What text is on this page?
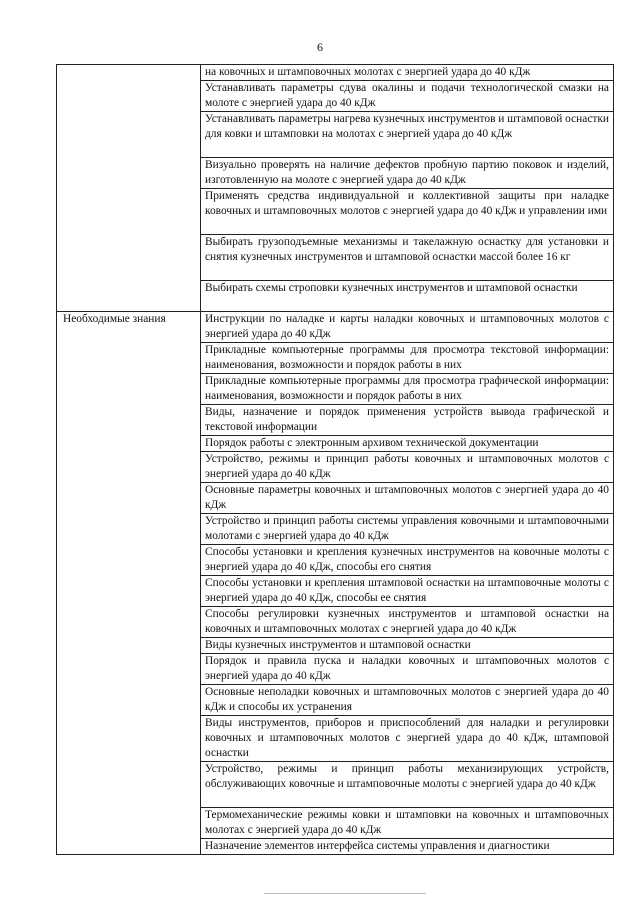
6
	на ковочных и штамповочных молотах с энергией удара до 40 кДж
	Устанавливать параметры сдува окалины и подачи технологической смазки на молоте с энергией удара до 40 кДж
	Устанавливать параметры нагрева кузнечных инструментов и штамповой оснастки для ковки и штамповки на молотах с энергией удара до 40 кДж
	Визуально проверять на наличие дефектов пробную партию поковок и изделий, изготовленную на молоте с энергией удара до 40 кДж
	Применять средства индивидуальной и коллективной защиты при наладке ковочных и штамповочных молотов с энергией удара до 40 кДж и управлении ими
	Выбирать грузоподъемные механизмы и такелажную оснастку для установки и снятия кузнечных инструментов и штамповой оснастки массой более 16 кг
	Выбирать схемы строповки кузнечных инструментов и штамповой оснастки
Необходимые знания	Инструкции по наладке и карты наладки ковочных и штамповочных молотов с энергией удара до 40 кДж
	Прикладные компьютерные программы для просмотра текстовой информации: наименования, возможности и порядок работы в них
	Прикладные компьютерные программы для просмотра графической информации: наименования, возможности и порядок работы в них
	Виды, назначение и порядок применения устройств вывода графической и текстовой информации
	Порядок работы с электронным архивом технической документации
	Устройство, режимы и принцип работы ковочных и штамповочных молотов с энергией удара до 40 кДж
	Основные параметры ковочных и штамповочных молотов с энергией удара до 40 кДж
	Устройство и принцип работы системы управления ковочными и штамповочными молотами с энергией удара до 40 кДж
	Способы установки и крепления кузнечных инструментов на ковочные молоты с энергией удара до 40 кДж, способы его снятия
	Способы установки и крепления штамповой оснастки на штамповочные молоты с энергией удара до 40 кДж, способы ее снятия
	Способы регулировки кузнечных инструментов и штамповой оснастки на ковочных и штамповочных молотах с энергией удара до 40 кДж
	Виды кузнечных инструментов и штамповой оснастки
	Порядок и правила пуска и наладки ковочных и штамповочных молотов с энергией удара до 40 кДж
	Основные неполадки ковочных и штамповочных молотов с энергией удара до 40 кДж и способы их устранения
	Виды инструментов, приборов и приспособлений для наладки и регулировки ковочных и штамповочных молотов с энергией удара до 40 кДж, штамповой оснастки
	Устройство, режимы и принцип работы механизирующих устройств, обслуживающих ковочные и штамповочные молоты с энергией удара до 40 кДж
	Термомеханические режимы ковки и штамповки на ковочных и штамповочных молотах с энергией удара до 40 кДж
	Назначение элементов интерфейса системы управления и диагностики
